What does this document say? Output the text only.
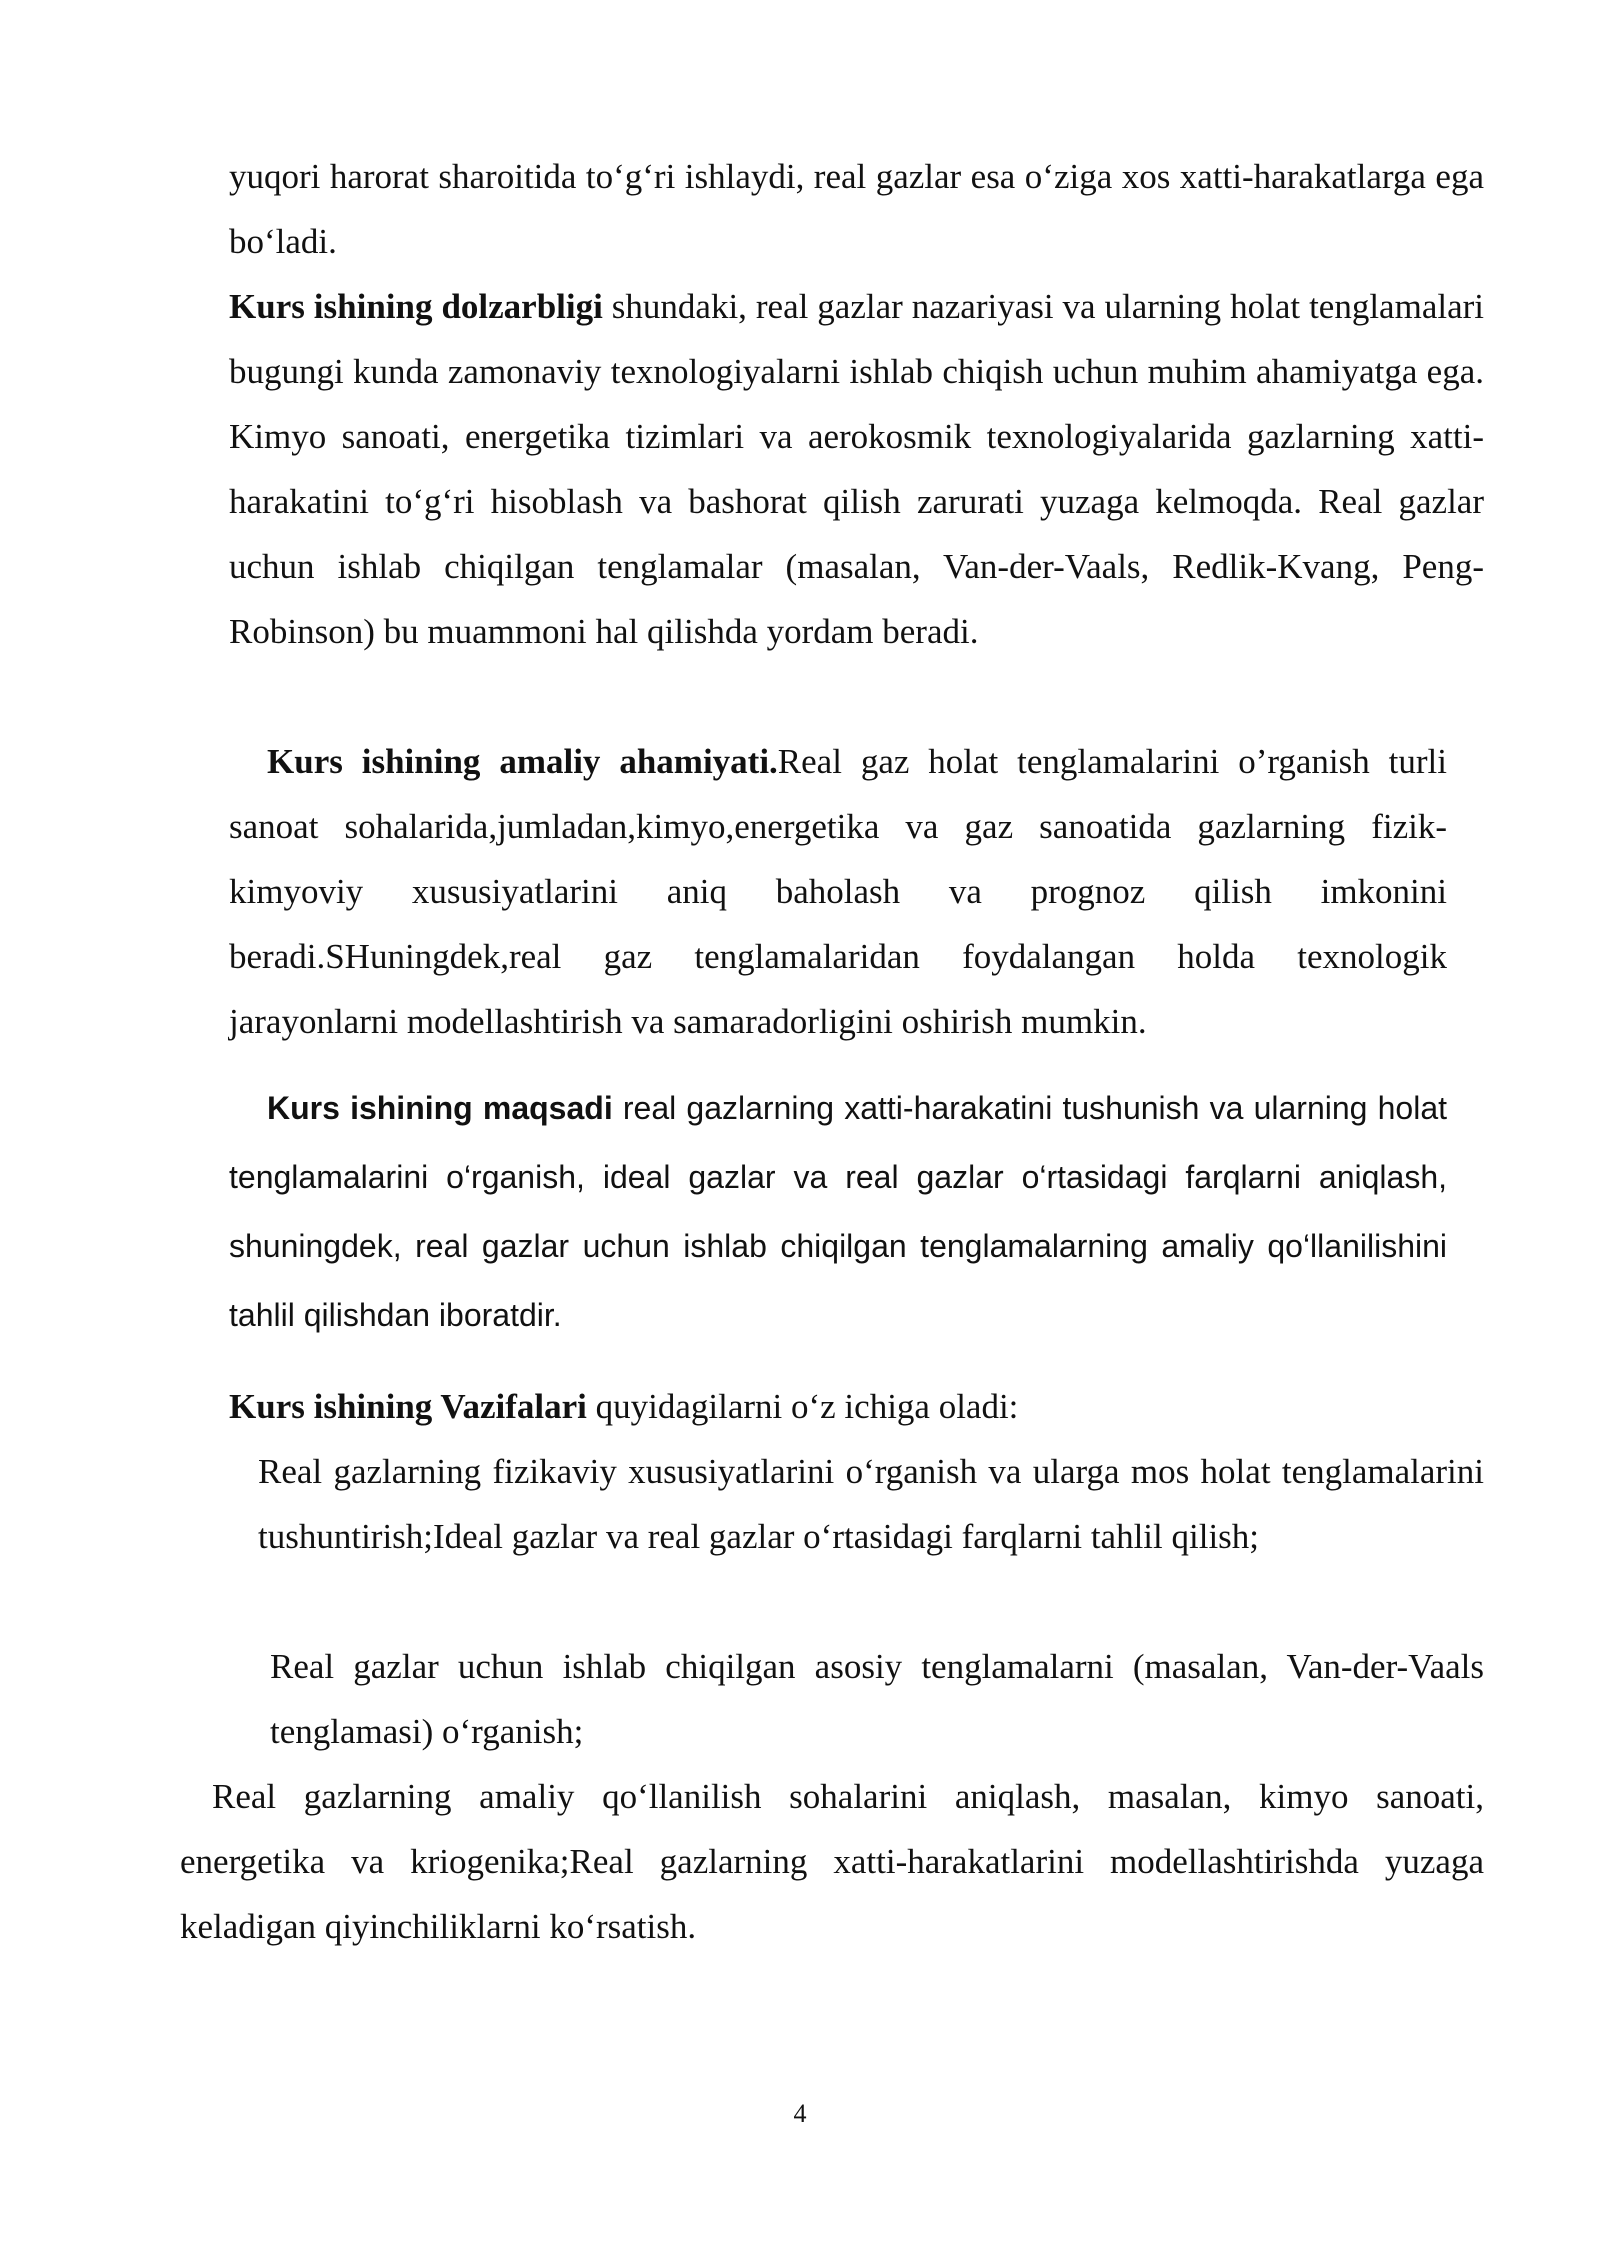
yuqori harorat sharoitida to‘g‘ri ishlaydi, real gazlar esa o‘ziga xos xatti-harakatlarga ega bo‘ladi.

Kurs ishining dolzarbligi shundaki, real gazlar nazariyasi va ularning holat tenglamalari bugungi kunda zamonaviy texnologiyalarni ishlab chiqish uchun muhim ahamiyatga ega. Kimyo sanoati, energetika tizimlari va aerokosmik texnologiyalarida gazlarning xatti-harakatini to‘g‘ri hisoblash va bashorat qilish zarurati yuzaga kelmoqda. Real gazlar uchun ishlab chiqilgan tenglamalar (masalan, Van-der-Vaals, Redlik-Kvang, Peng-Robinson) bu muammoni hal qilishda yordam beradi.

Kurs ishining amaliy ahamiyati.Real gaz holat tenglamalarini o’rganish turli sanoat sohalarida,jumladan,kimyo,energetika va gaz sanoatida gazlarning fizik-kimyoviy xususiyatlarini aniq baholash va prognoz qilish imkonini beradi.SHuningdek,real gaz tenglamalaridan foydalangan holda texnologik jarayonlarni modellashtirish va samaradorligini oshirish mumkin.

Kurs ishining maqsadi real gazlarning xatti-harakatini tushunish va ularning holat tenglamalarini o‘rganish, ideal gazlar va real gazlar o‘rtasidagi farqlarni aniqlash, shuningdek, real gazlar uchun ishlab chiqilgan tenglamalarning amaliy qo‘llanilishini tahlil qilishdan iboratdir.

Kurs ishining Vazifalari quyidagilarni o‘z ichiga oladi:

Real gazlarning fizikaviy xususiyatlarini o‘rganish va ularga mos holat tenglamalarini tushuntirish;Ideal gazlar va real gazlar o‘rtasidagi farqlarni tahlil qilish;

Real gazlar uchun ishlab chiqilgan asosiy tenglamalarni (masalan, Van-der-Vaals tenglamasi) o‘rganish;

Real gazlarning amaliy qo‘llanilish sohalarini aniqlash, masalan, kimyo sanoati, energetika va kriogenika;Real gazlarning xatti-harakatlarini modellashtirishda yuzaga keladigan qiyinchiliklarni ko‘rsatish.

4
